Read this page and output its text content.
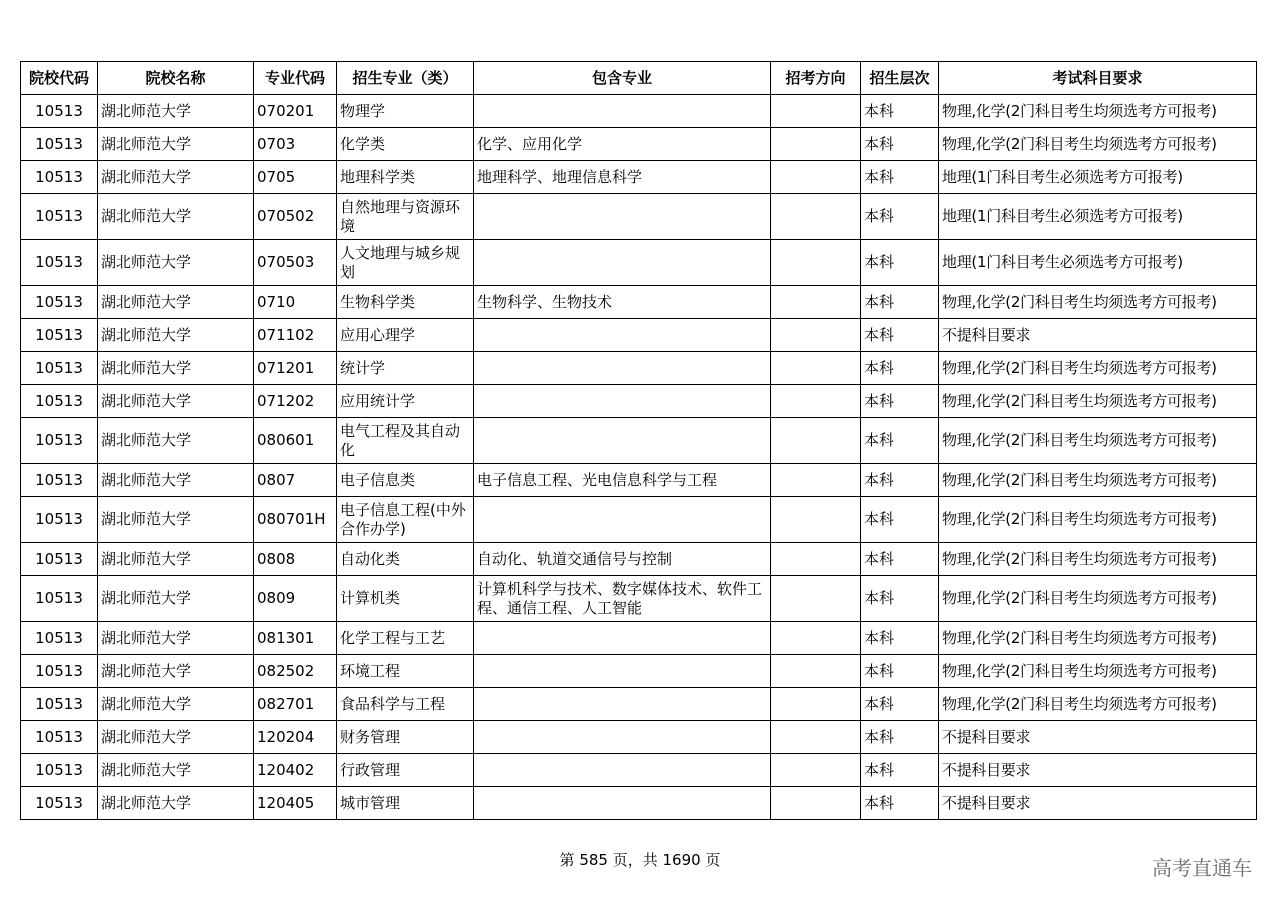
院校代码	院校名称	专业代码	招生专业（类）	包含专业	招考方向	招生层次	考试科目要求
10513	湖北师范大学	070201	物理学			本科	物理,化学(2门科目考生均须选考方可报考)
10513	湖北师范大学	0703	化学类	化学、应用化学		本科	物理,化学(2门科目考生均须选考方可报考)
10513	湖北师范大学	0705	地理科学类	地理科学、地理信息科学		本科	地理(1门科目考生必须选考方可报考)
10513	湖北师范大学	070502	自然地理与资源环境			本科	地理(1门科目考生必须选考方可报考)
10513	湖北师范大学	070503	人文地理与城乡规划			本科	地理(1门科目考生必须选考方可报考)
10513	湖北师范大学	0710	生物科学类	生物科学、生物技术		本科	物理,化学(2门科目考生均须选考方可报考)
10513	湖北师范大学	071102	应用心理学			本科	不提科目要求
10513	湖北师范大学	071201	统计学			本科	物理,化学(2门科目考生均须选考方可报考)
10513	湖北师范大学	071202	应用统计学			本科	物理,化学(2门科目考生均须选考方可报考)
10513	湖北师范大学	080601	电气工程及其自动化			本科	物理,化学(2门科目考生均须选考方可报考)
10513	湖北师范大学	0807	电子信息类	电子信息工程、光电信息科学与工程		本科	物理,化学(2门科目考生均须选考方可报考)
10513	湖北师范大学	080701H	电子信息工程(中外合作办学)			本科	物理,化学(2门科目考生均须选考方可报考)
10513	湖北师范大学	0808	自动化类	自动化、轨道交通信号与控制		本科	物理,化学(2门科目考生均须选考方可报考)
10513	湖北师范大学	0809	计算机类	计算机科学与技术、数字媒体技术、软件工程、通信工程、人工智能		本科	物理,化学(2门科目考生均须选考方可报考)
10513	湖北师范大学	081301	化学工程与工艺			本科	物理,化学(2门科目考生均须选考方可报考)
10513	湖北师范大学	082502	环境工程			本科	物理,化学(2门科目考生均须选考方可报考)
10513	湖北师范大学	082701	食品科学与工程			本科	物理,化学(2门科目考生均须选考方可报考)
10513	湖北师范大学	120204	财务管理			本科	不提科目要求
10513	湖北师范大学	120402	行政管理			本科	不提科目要求
10513	湖北师范大学	120405	城市管理			本科	不提科目要求
第 585 页，共 1690 页	高考直通车
